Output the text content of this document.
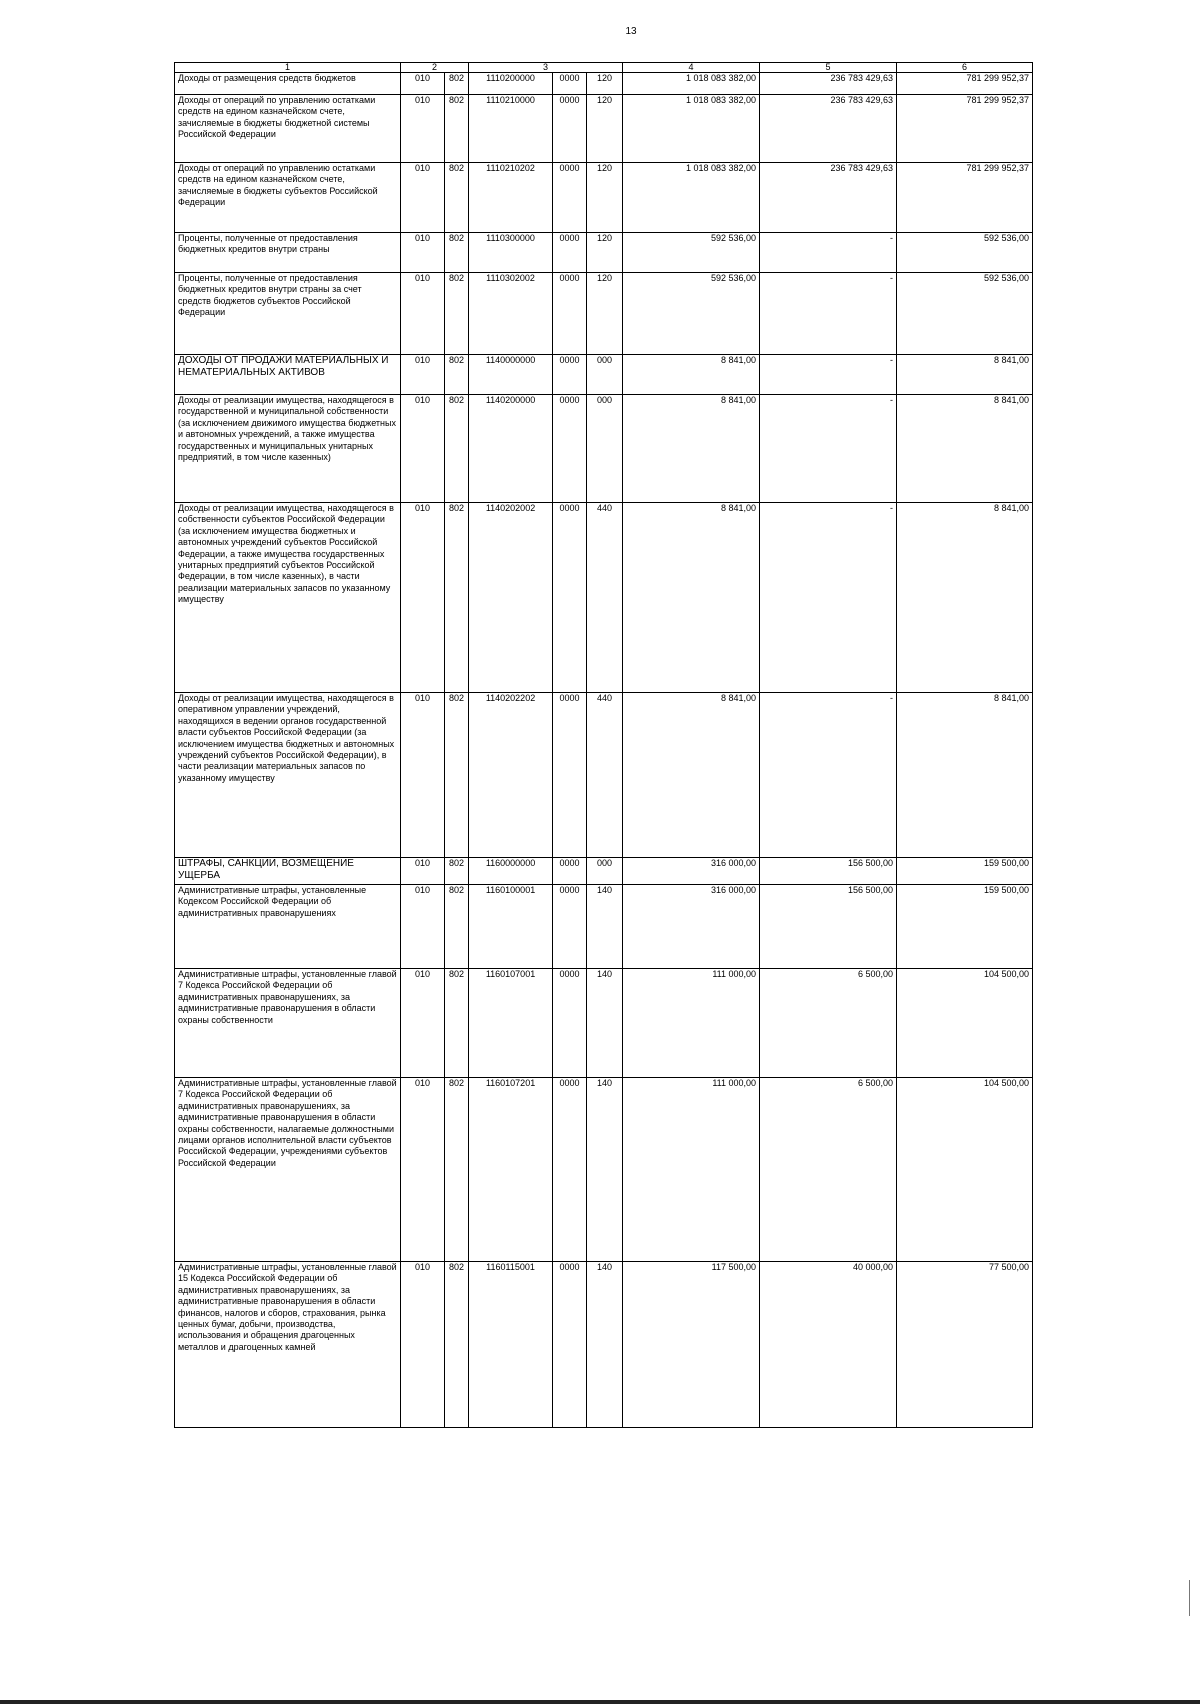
13
1	2		3			4	5	6
Доходы от размещения средств бюджетов	010	802	1110200000	0000	120	1 018 083 382,00	236 783 429,63	781 299 952,37
Доходы от операций по управлению остатками средств на едином казначейском счете, зачисляемые в бюджеты бюджетной системы Российской Федерации	010	802	1110210000	0000	120	1 018 083 382,00	236 783 429,63	781 299 952,37
Доходы от операций по управлению остатками средств на едином казначейском счете, зачисляемые в бюджеты субъектов Российской Федерации	010	802	1110210202	0000	120	1 018 083 382,00	236 783 429,63	781 299 952,37
Проценты, полученные от предоставления бюджетных кредитов внутри страны	010	802	1110300000	0000	120	592 536,00	-	592 536,00
Проценты, полученные от предоставления бюджетных кредитов внутри страны за счет средств бюджетов субъектов Российской Федерации	010	802	1110302002	0000	120	592 536,00	-	592 536,00
ДОХОДЫ ОТ ПРОДАЖИ МАТЕРИАЛЬНЫХ И НЕМАТЕРИАЛЬНЫХ АКТИВОВ	010	802	1140000000	0000	000	8 841,00	-	8 841,00
Доходы от реализации имущества, находящегося в государственной и муниципальной собственности (за исключением движимого имущества бюджетных и автономных учреждений, а также имущества государственных и муниципальных унитарных предприятий, в том числе казенных)	010	802	1140200000	0000	000	8 841,00	-	8 841,00
Доходы от реализации имущества, находящегося в собственности субъектов Российской Федерации (за исключением имущества бюджетных и автономных учреждений субъектов Российской Федерации, а также имущества государственных унитарных предприятий субъектов Российской Федерации, в том числе казенных), в части реализации материальных запасов по указанному имуществу	010	802	1140202002	0000	440	8 841,00	-	8 841,00
Доходы от реализации имущества, находящегося в оперативном управлении учреждений, находящихся в ведении органов государственной власти субъектов Российской Федерации (за исключением имущества бюджетных и автономных учреждений субъектов Российской Федерации), в части реализации материальных запасов по указанному имуществу	010	802	1140202202	0000	440	8 841,00	-	8 841,00
ШТРАФЫ, САНКЦИИ, ВОЗМЕЩЕНИЕ УЩЕРБА	010	802	1160000000	0000	000	316 000,00	156 500,00	159 500,00
Административные штрафы, установленные Кодексом Российской Федерации об административных правонарушениях	010	802	1160100001	0000	140	316 000,00	156 500,00	159 500,00
Административные штрафы, установленные главой 7 Кодекса Российской Федерации об административных правонарушениях, за административные правонарушения в области охраны собственности	010	802	1160107001	0000	140	111 000,00	6 500,00	104 500,00
Административные штрафы, установленные главой 7 Кодекса Российской Федерации об административных правонарушениях, за административные правонарушения в области охраны собственности, налагаемые должностными лицами органов исполнительной власти субъектов Российской Федерации, учреждениями субъектов Российской Федерации	010	802	1160107201	0000	140	111 000,00	6 500,00	104 500,00
Административные штрафы, установленные главой 15 Кодекса Российской Федерации об административных правонарушениях, за административные правонарушения в области финансов, налогов и сборов, страхования, рынка ценных бумаг, добычи, производства, использования и обращения драгоценных металлов и драгоценных камней	010	802	1160115001	0000	140	117 500,00	40 000,00	77 500,00
